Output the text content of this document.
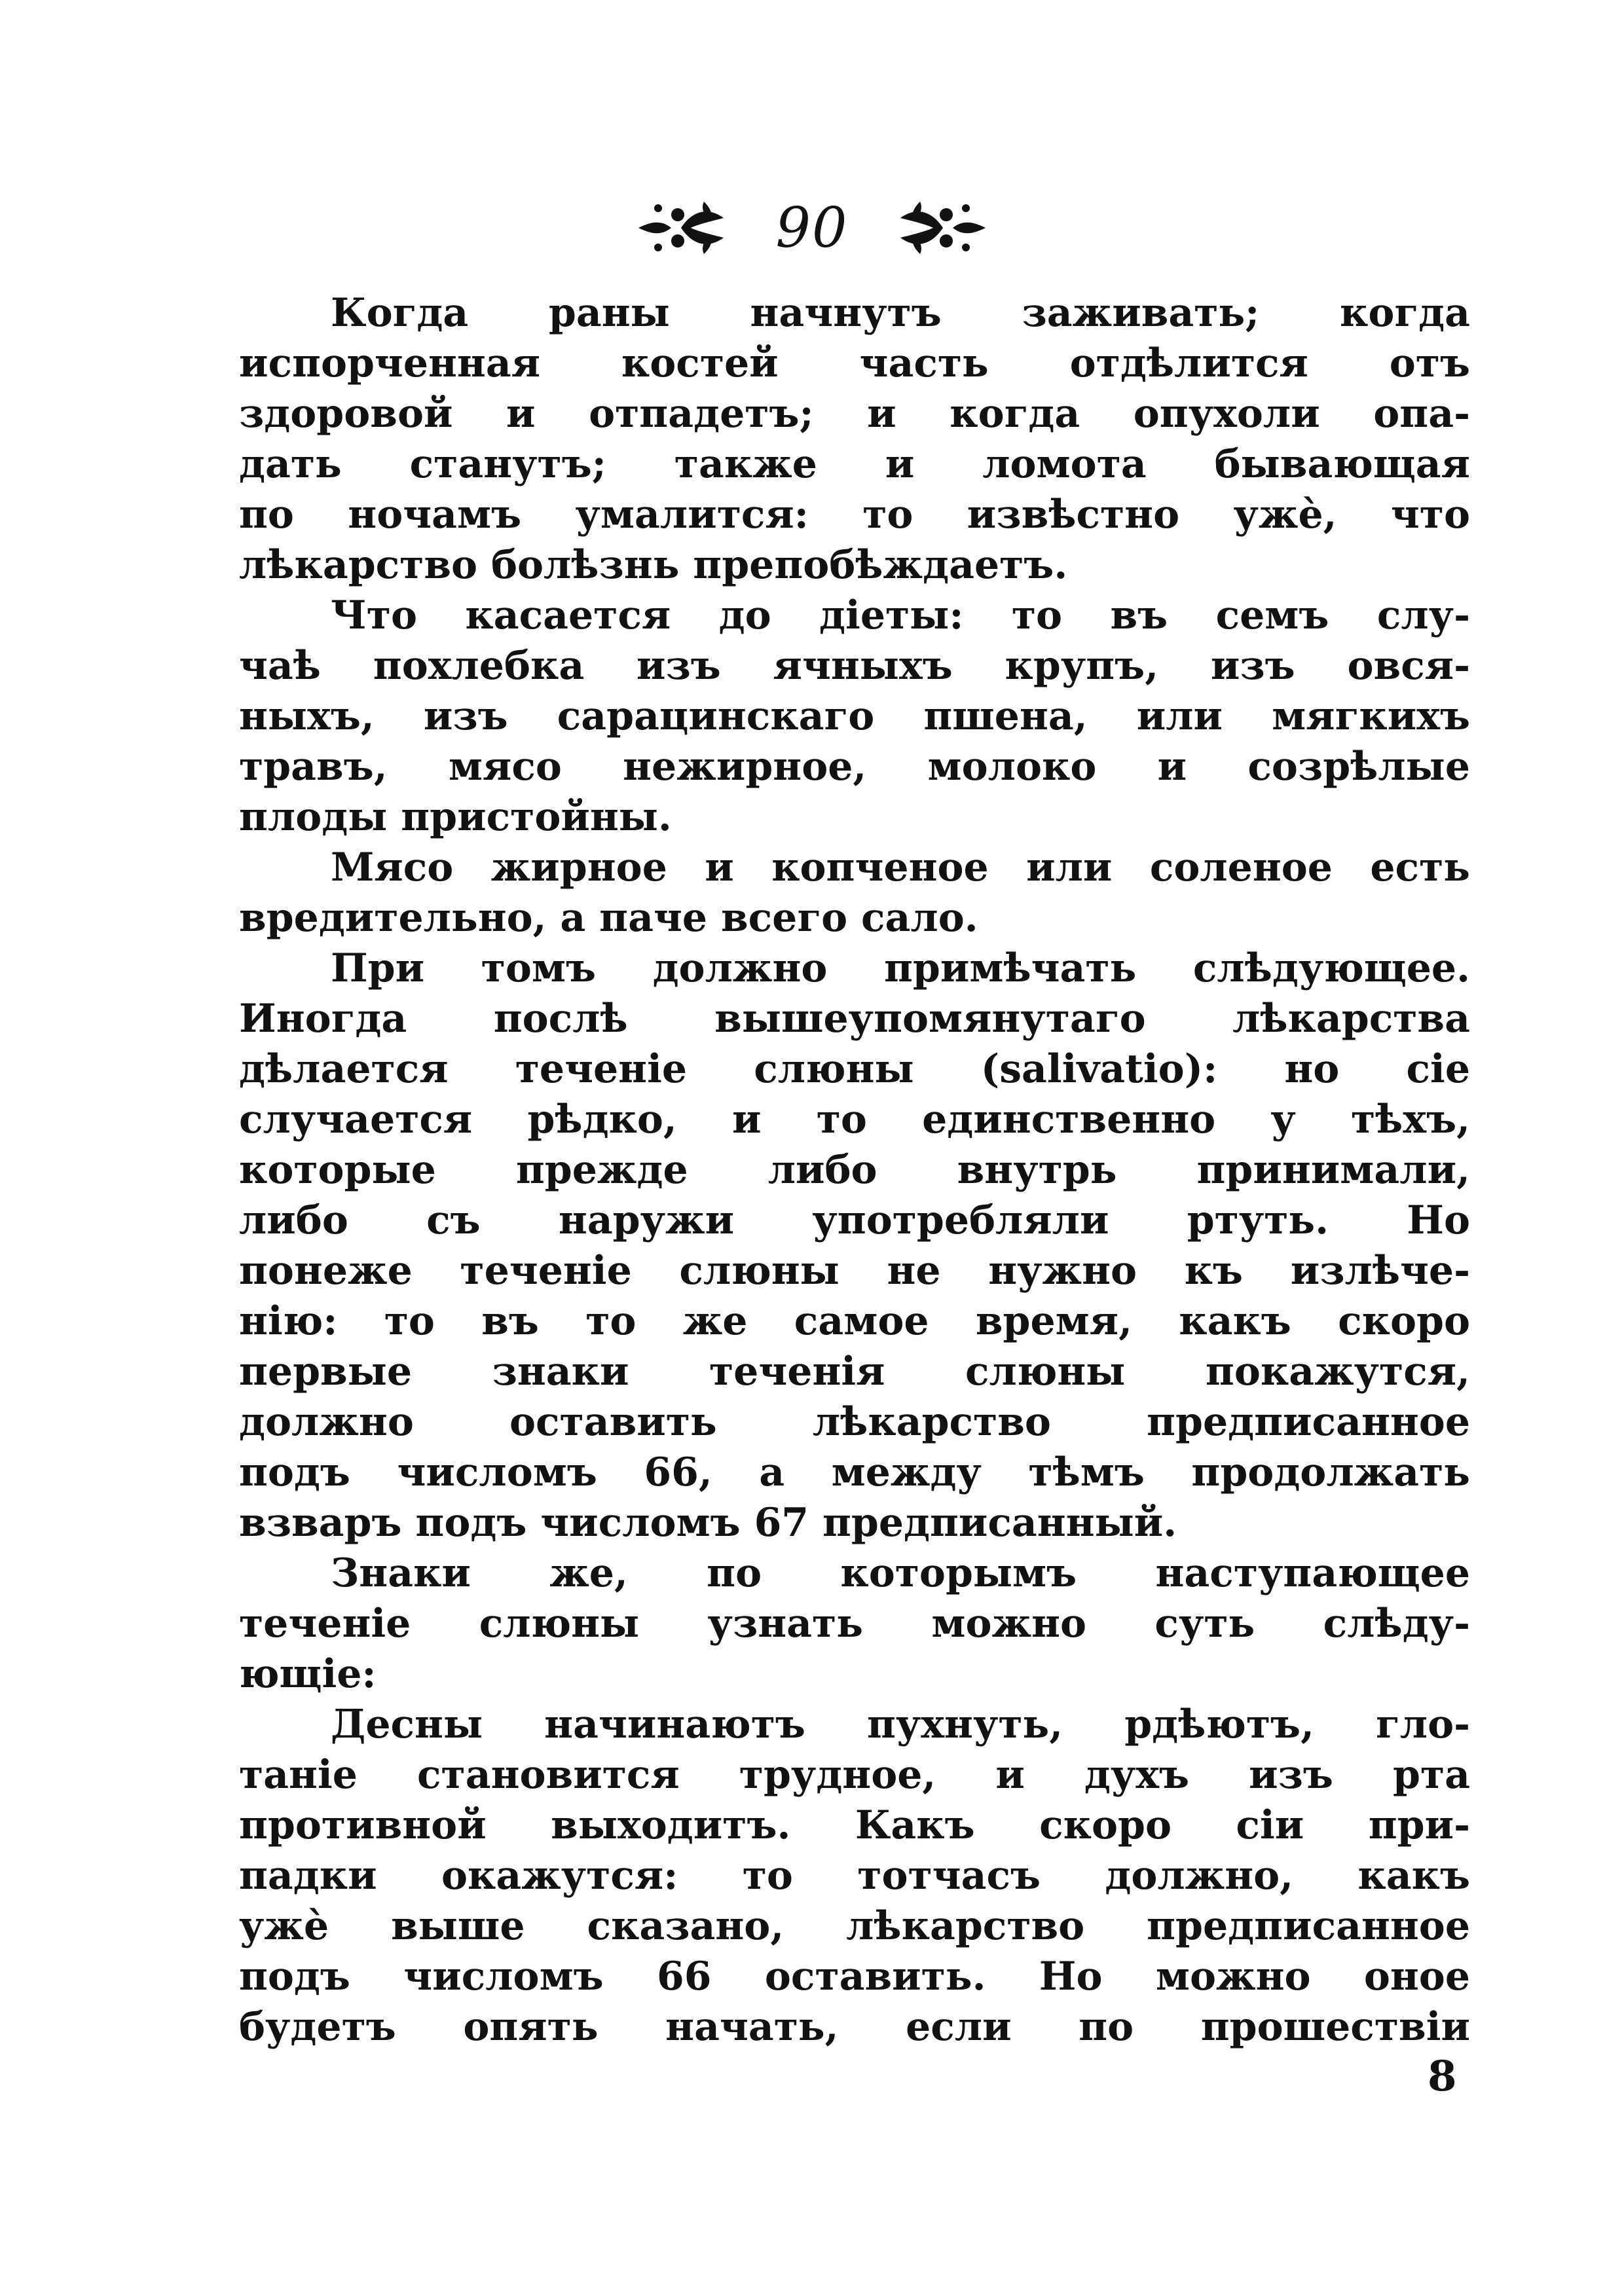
90

Когда раны начнутъ заживать; когда
испорченная костей часть отдѣлится отъ
здоровой и отпадетъ; и когда опухоли опа-
дать станутъ; также и ломота бывающая
по ночамъ умалится: то извѣстно ужѐ, что
лѣкарство болѣзнь препобѣждаетъ.

Что касается до діеты: то въ семъ слу-
чаѣ похлебка изъ ячныхъ крупъ, изъ овся-
ныхъ, изъ сарацинскаго пшена, или мягкихъ
травъ, мясо нежирное, молоко и созрѣлые
плоды пристойны.

Мясо жирное и копченое или соленое есть
вредительно, а паче всего сало.

При томъ должно примѣчать слѣдующее.
Иногда послѣ вышеупомянутаго лѣкарства
дѣлается теченіе слюны (salivatio): но сіе
случается рѣдко, и то единственно у тѣхъ,
которые прежде либо внутрь принимали,
либо съ наружи употребляли ртуть. Но
понеже теченіе слюны не нужно къ излѣче-
нію: то въ то же самое время, какъ скоро
первые знаки теченія слюны покажутся,
должно оставить лѣкарство предписанное
подъ числомъ 66, а между тѣмъ продолжать
взваръ подъ числомъ 67 предписанный.

Знаки же, по которымъ наступающее
теченіе слюны узнать можно суть слѣду-
ющіе:

Десны начинаютъ пухнуть, рдѣютъ, гло-
таніе становится трудное, и духъ изъ рта
противной выходитъ. Какъ скоро сіи при-
падки окажутся: то тотчасъ должно, какъ
ужѐ выше сказано, лѣкарство предписанное
подъ числомъ 66 оставить. Но можно оное
будетъ опять начать, если по прошествіи

8
